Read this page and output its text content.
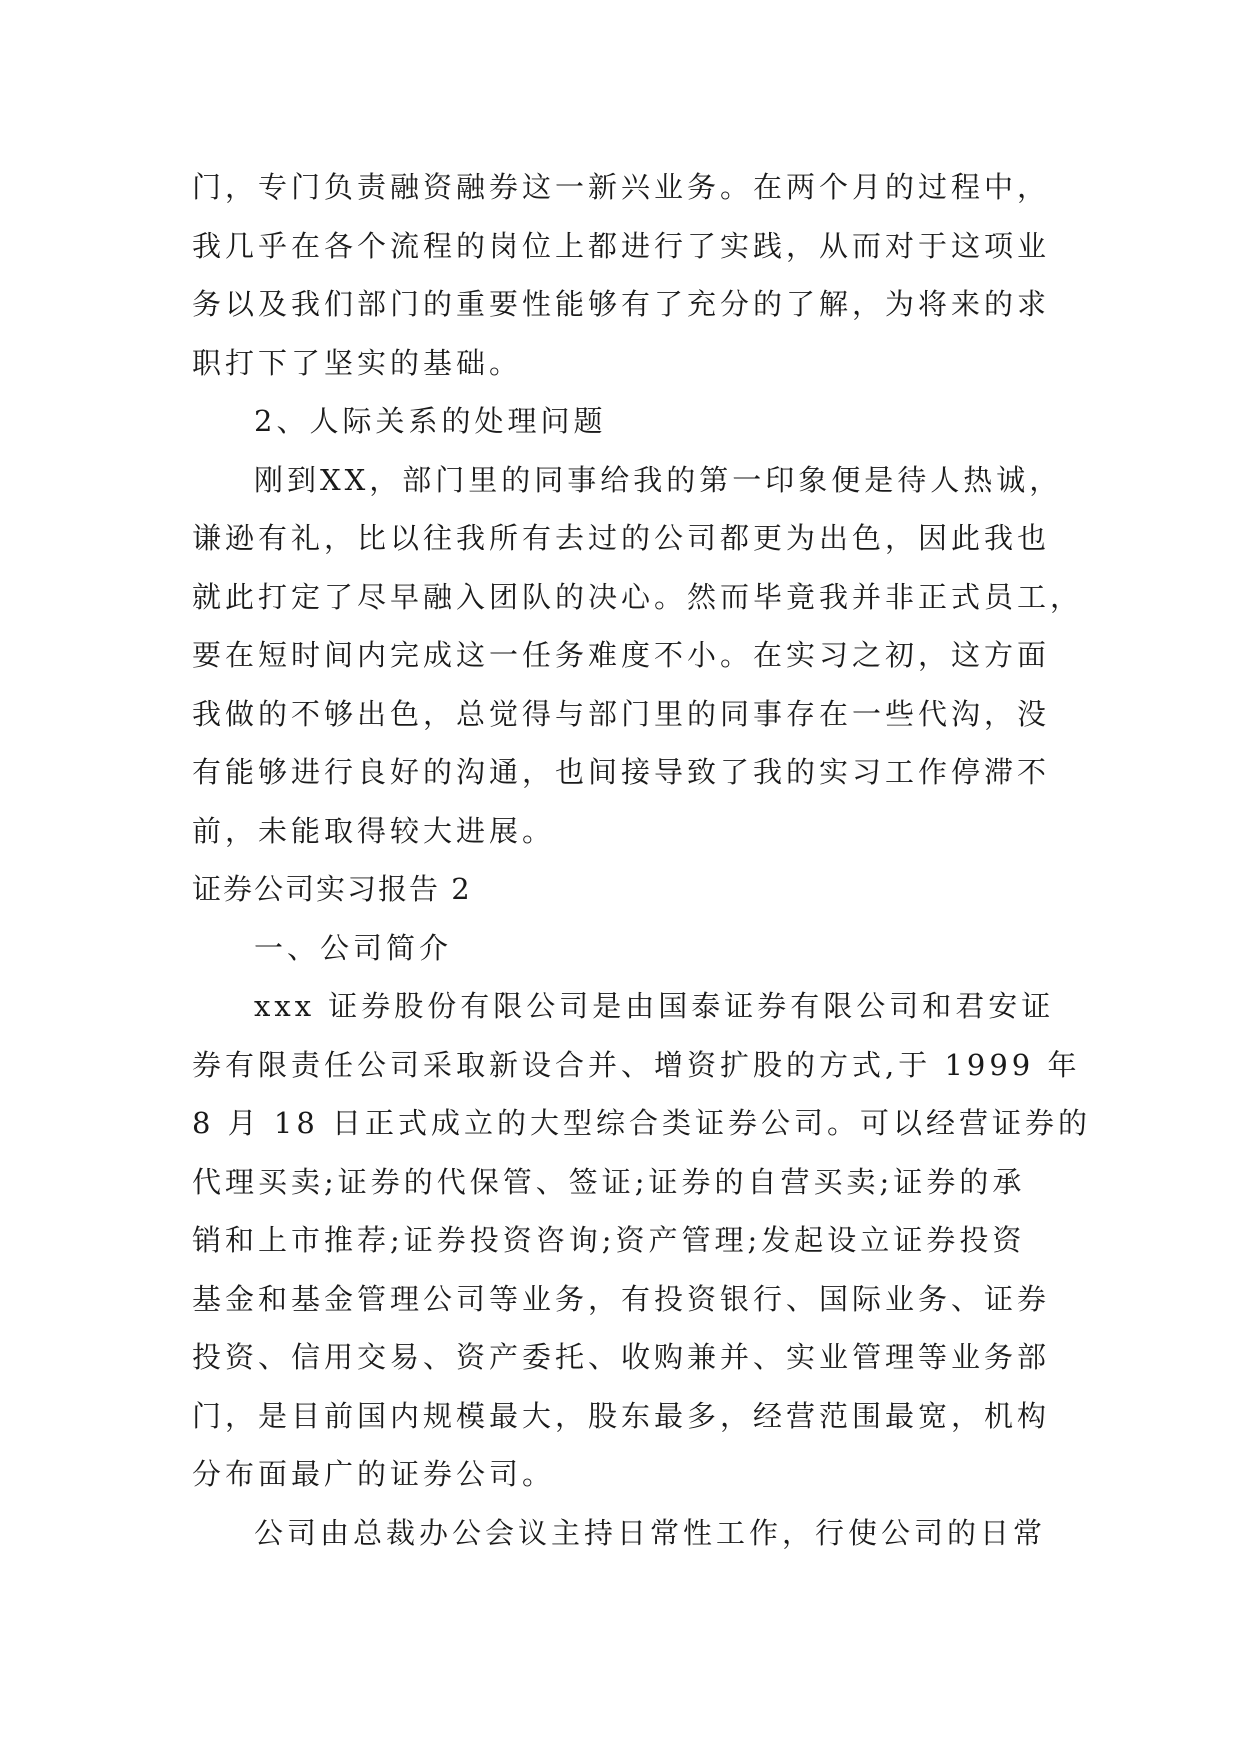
门，专门负责融资融券这一新兴业务。在两个月的过程中，
我几乎在各个流程的岗位上都进行了实践，从而对于这项业
务以及我们部门的重要性能够有了充分的了解，为将来的求
职打下了坚实的基础。
2、人际关系的处理问题
刚到XX，部门里的同事给我的第一印象便是待人热诚，
谦逊有礼，比以往我所有去过的公司都更为出色，因此我也
就此打定了尽早融入团队的决心。然而毕竟我并非正式员工，
要在短时间内完成这一任务难度不小。在实习之初，这方面
我做的不够出色，总觉得与部门里的同事存在一些代沟，没
有能够进行良好的沟通，也间接导致了我的实习工作停滞不
前，未能取得较大进展。
证券公司实习报告 2
一、公司简介
xxx 证券股份有限公司是由国泰证券有限公司和君安证
券有限责任公司采取新设合并、增资扩股的方式,于 1999 年
8 月 18 日正式成立的大型综合类证券公司。可以经营证券的
代理买卖;证券的代保管、签证;证券的自营买卖;证券的承
销和上市推荐;证券投资咨询;资产管理;发起设立证券投资
基金和基金管理公司等业务，有投资银行、国际业务、证券
投资、信用交易、资产委托、收购兼并、实业管理等业务部
门，是目前国内规模最大，股东最多，经营范围最宽，机构
分布面最广的证券公司。
公司由总裁办公会议主持日常性工作，行使公司的日常
